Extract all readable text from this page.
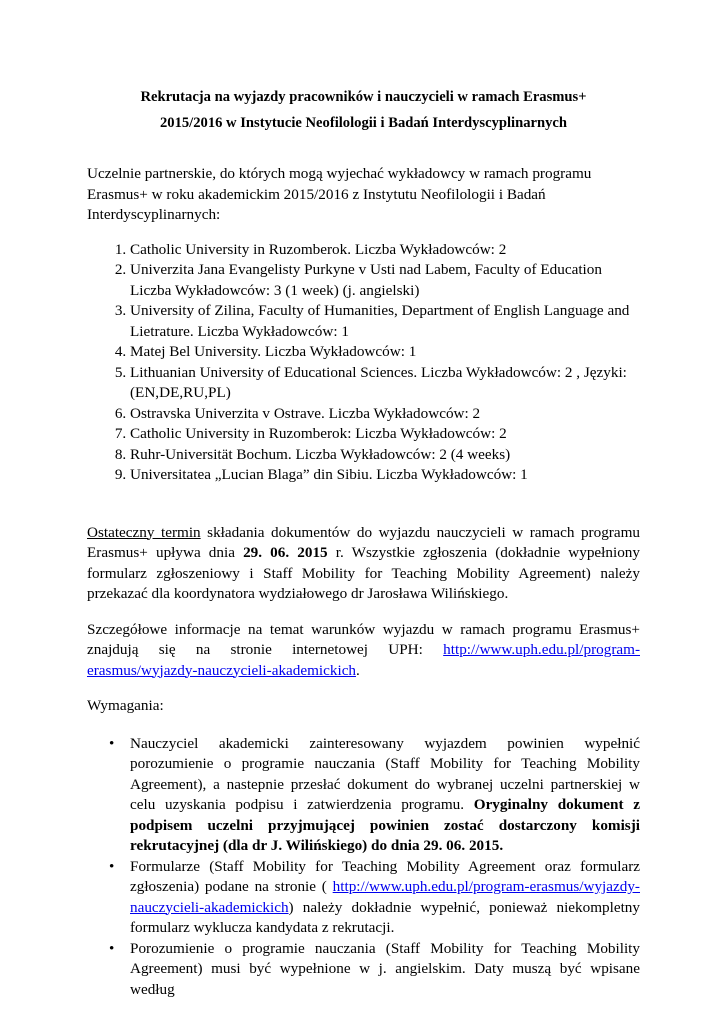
Rekrutacja na wyjazdy pracowników i nauczycieli w ramach Erasmus+

2015/2016 w Instytucie Neofilologii i Badań Interdyscyplinarnych

Uczelnie partnerskie, do których mogą wyjechać wykładowcy w ramach programu Erasmus+ w roku akademickim 2015/2016 z Instytutu Neofilologii i Badań Interdyscyplinarnych:

1. Catholic University in Ruzomberok. Liczba Wykładowców: 2
2. Univerzita Jana Evangelisty Purkyne v Usti nad Labem, Faculty of Education Liczba Wykładowców: 3 (1 week) (j. angielski)
3. University of Zilina, Faculty of Humanities, Department of English Language and Lietrature. Liczba Wykładowców: 1
4. Matej Bel University. Liczba Wykładowców: 1
5. Lithuanian University of Educational Sciences. Liczba Wykładowców: 2 , Języki: (EN,DE,RU,PL)
6. Ostravska Univerzita v Ostrave. Liczba Wykładowców: 2
7. Catholic University in Ruzomberok: Liczba Wykładowców: 2
8. Ruhr-Universität Bochum. Liczba Wykładowców: 2 (4 weeks)
9. Universitatea „Lucian Blaga” din Sibiu. Liczba Wykładowców: 1

Ostateczny termin składania dokumentów do wyjazdu nauczycieli w ramach programu Erasmus+ upływa dnia 29. 06. 2015 r. Wszystkie zgłoszenia (dokładnie wypełniony formularz zgłoszeniowy i Staff Mobility for Teaching Mobility Agreement) należy przekazać dla koordynatora wydziałowego dr Jarosława Wilińskiego.

Szczegółowe informacje na temat warunków wyjazdu w ramach programu Erasmus+ znajdują się na stronie internetowej UPH: http://www.uph.edu.pl/program-erasmus/wyjazdy-nauczycieli-akademickich.

Wymagania:

• Nauczyciel akademicki zainteresowany wyjazdem powinien wypełnić porozumienie o programie nauczania (Staff Mobility for Teaching Mobility Agreement), a nastepnie przesłać dokument do wybranej uczelni partnerskiej w celu uzyskania podpisu i zatwierdzenia programu. Oryginalny dokument z podpisem uczelni przyjmującej powinien zostać dostarczony komisji rekrutacyjnej (dla dr J. Wilińskiego) do dnia 29. 06. 2015.
• Formularze (Staff Mobility for Teaching Mobility Agreement oraz formularz zgłoszenia) podane na stronie ( http://www.uph.edu.pl/program-erasmus/wyjazdy-nauczycieli-akademickich) należy dokładnie wypełnić, ponieważ niekompletny formularz wyklucza kandydata z rekrutacji.
• Porozumienie o programie nauczania (Staff Mobility for Teaching Mobility Agreement) musi być wypełnione w j. angielskim. Daty muszą być wpisane według
